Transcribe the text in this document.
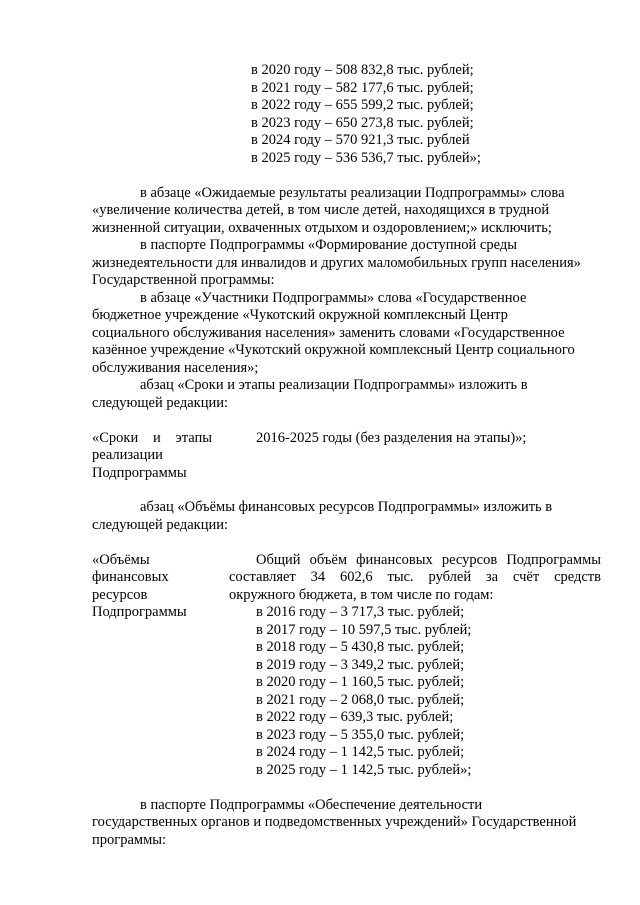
в 2020 году – 508 832,8 тыс. рублей;
в 2021 году – 582 177,6 тыс. рублей;
в 2022 году – 655 599,2 тыс. рублей;
в 2023 году – 650 273,8 тыс. рублей;
в 2024 году – 570 921,3 тыс. рублей
в 2025 году – 536 536,7 тыс. рублей»;
в абзаце «Ожидаемые результаты реализации Подпрограммы» слова
«увеличение количества детей, в том числе детей, находящихся в трудной
жизненной ситуации, охваченных отдыхом и оздоровлением;» исключить;
в паспорте Подпрограммы «Формирование доступной среды
жизнедеятельности для инвалидов и других маломобильных групп населения»
Государственной программы:
в абзаце «Участники Подпрограммы» слова «Государственное
бюджетное учреждение «Чукотский окружной комплексный Центр
социального обслуживания населения» заменить словами «Государственное
казённое учреждение «Чукотский окружной комплексный Центр социального
обслуживания населения»;
абзац «Сроки и этапы реализации Подпрограммы» изложить в
следующей редакции:
«Сроки и этапы
реализации
Подпрограммы
2016-2025 годы (без разделения на этапы)»;
абзац «Объёмы финансовых ресурсов Подпрограммы» изложить в
следующей редакции:
«Объёмы
финансовых
ресурсов
Подпрограммы
Общий объём финансовых ресурсов Подпрограммы
составляет 34 602,6 тыс. рублей за счёт средств
окружного бюджета, в том числе по годам:
в 2016 году – 3 717,3 тыс. рублей;
в 2017 году – 10 597,5 тыс. рублей;
в 2018 году – 5 430,8 тыс. рублей;
в 2019 году – 3 349,2 тыс. рублей;
в 2020 году – 1 160,5 тыс. рублей;
в 2021 году – 2 068,0 тыс. рублей;
в 2022 году – 639,3 тыс. рублей;
в 2023 году – 5 355,0 тыс. рублей;
в 2024 году – 1 142,5 тыс. рублей;
в 2025 году – 1 142,5 тыс. рублей»;
в паспорте Подпрограммы «Обеспечение деятельности
государственных органов и подведомственных учреждений» Государственной
программы:
